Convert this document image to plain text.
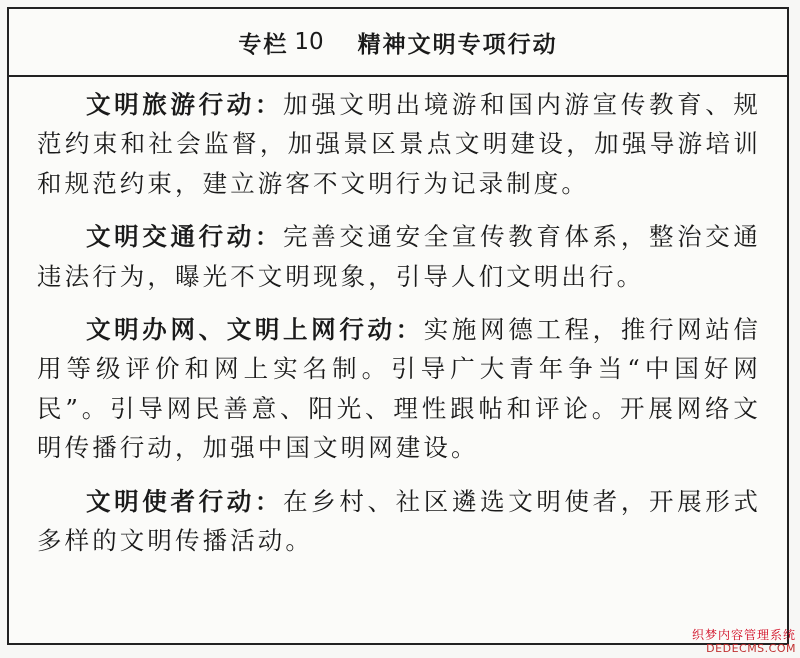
专栏 10 精神文明专项行动

文明旅游行动：加强文明出境游和国内游宣传教育、规范约束和社会监督，加强景区景点文明建设，加强导游培训和规范约束，建立游客不文明行为记录制度。

文明交通行动：完善交通安全宣传教育体系，整治交通违法行为，曝光不文明现象，引导人们文明出行。

文明办网、文明上网行动：实施网德工程，推行网站信用等级评价和网上实名制。引导广大青年争当“中国好网民”。引导网民善意、阳光、理性跟帖和评论。开展网络文明传播行动，加强中国文明网建设。

文明使者行动：在乡村、社区遴选文明使者，开展形式多样的文明传播活动。

织梦内容管理系统
DEDECMS.COM
